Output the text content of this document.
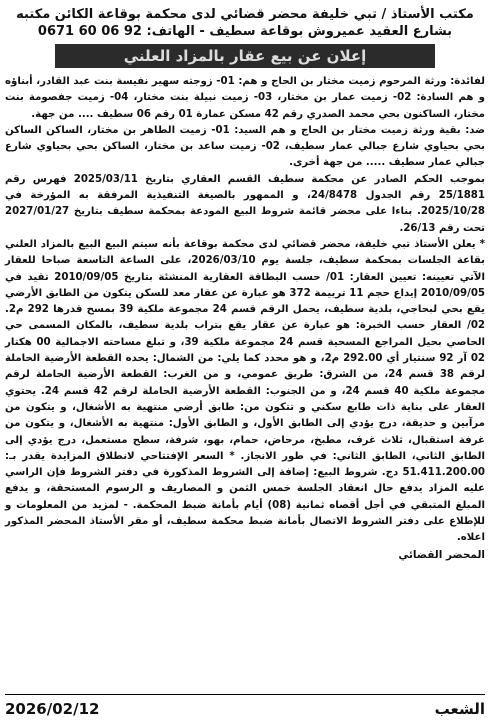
مكتب الأستاذ / تبي خليفة محضر قضائي لدى محكمة بوقاعة الكائن مكتبه
بشارع العقيد عميروش بوقاعة سطيف - الهاتف: 92 06 60 0671
إعلان عن بيع عقار بالمزاد العلني

لفائدة: ورثة المرحوم زميت مختار بن الحاج و هم: 01- زوجته سهير نفيسة بنت عبد القادر، أبناؤه و هم السادة: 02- زميت عمار بن مختار، 03- زميت نبيلة بنت مختار، 04- زميت جفصومة بنت مختار، الساكنون بحي محمد الصدري رقم 42 مسكن عمارة 01 رقم 06 سطيف .... من جهة.

ضد: بقية ورثة زميت مختار بن الحاج و هم السيد: 01- زميت الطاهر بن مختار، الساكن الساكن بحي بحياوي شارع جبالي عمار سطيف، 02- زميت ساعد بن مختار، الساكن بحي بحياوي شارع جبالي عمار سطيف ..... من جهة أخرى.

بموجب الحكم الصادر عن محكمة سطيف القسم العقاري بتاريخ 2025/03/11 فهرس رقم 25/1881 رقم الجدول 24/8478، و الممهور بالصيغة التنفيذية المرفقة به المؤرخة في 2025/10/28. بناءا على محضر قائمة شروط البيع المودعة بمحكمة سطيف بتاريخ 2027/01/27 تحت رقم 26/13.

* يعلن الأستاذ تبي خليفة، محضر قضائي لدى محكمة بوقاعة بأنه سيتم البيع البيع بالمزاد العلني بقاعة الجلسات بمحكمة سطيف، جلسة يوم 2026/03/10، على الساعة التاسعة صباحا للعقار الآتي تعيينه: تعيين العقار: 01/ حسب البطاقة العقارية المنشئة بتاريخ 2010/09/05 تقيد في 2010/09/05 إيداع حجم 11 ترييمة 372 هو عبارة عن عقار معد للسكن يتكون من الطابق الأرضي يقع بحي لبحاجي، بلدية سطيف، يحمل الرقم قسم 24 مجموعة ملكية 39 بمسح قدرها 292 م2. 02/ العقار حسب الخبرة: هو عبارة عن عقار يقع بتراب بلدية سطيف، بالمكان المسمى حي الحاصي بحيل المراجع المسحية قسم 24 مجموعة ملكية 39، و تبلغ مساحته الاجمالية 00 هكتار 02 آر 92 سنتيار أي 292.00 م2، و هو محدد كما يلي: من الشمال: يحده القطعة الأرضية الحاملة لرقم 38 قسم 24، من الشرق: طريق عمومي، و من الغرب: القطعة الأرضية الحاملة لرقم مجموعة ملكية 40 قسم 24، و من الجنوب: القطعة الأرضية الحاملة لرقم 42 قسم 24. يحتوي العقار على بناية ذات طابع سكني و تتكون من: طابق أرضي منتهية به الأشغال، و يتكون من مرآبين و حديقة، درج يؤدي إلى الطابق الأول، و الطابق الأول: منتهية به الأشغال، و يتكون من غرفة استقبال، ثلاث غرف، مطبخ، مرحاض، حمام، بهو، شرفة، سطح مستعمل، درج يؤدي إلى الطابق الثاني، الطابق الثاني: في طور الانجاز. * السعر الإفتتاحي لانطلاق المزايدة يقدر بـ: 51.411.200.00 دج. شروط البيع: إضافة إلى الشروط المذكورة في دفتر الشروط فإن الراسي عليه المزاد يدفع حال انعقاد الجلسة خمس الثمن و المصاريف و الرسوم المستحقة، و يدفع المبلغ المتبقي في أجل أقصاه ثمانية (08) أيام بأمانة ضبط المحكمة. - لمزيد من المعلومات و للإطلاع على دفتر الشروط الاتصال بأمانة ضبط محكمة سطيف، أو مقر الأستاذ المحضر المذكور اعلاه.

المحضر القضائي
الشعب
2026/02/12
